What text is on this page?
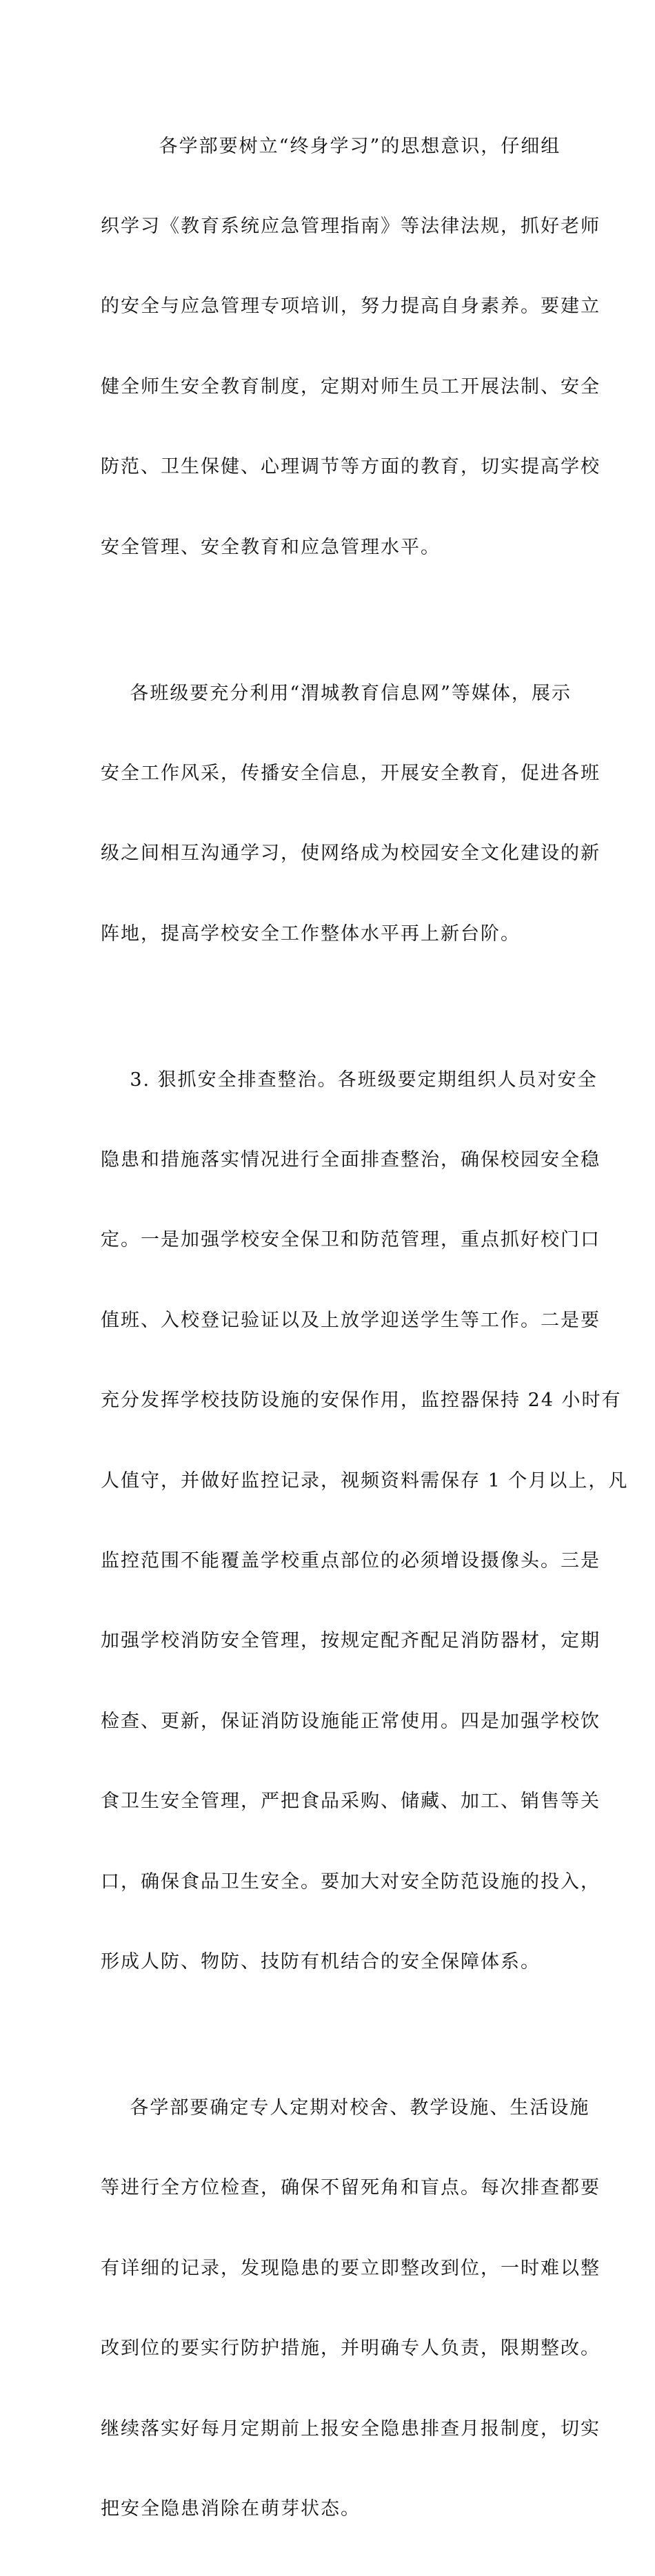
各学部要树立“终身学习”的思想意识，仔细组

织学习《教育系统应急管理指南》等法律法规，抓好老师

的安全与应急管理专项培训，努力提高自身素养。要建立

健全师生安全教育制度，定期对师生员工开展法制、安全

防范、卫生保健、心理调节等方面的教育，切实提高学校

安全管理、安全教育和应急管理水平。

各班级要充分利用“渭城教育信息网”等媒体，展示

安全工作风采，传播安全信息，开展安全教育，促进各班

级之间相互沟通学习，使网络成为校园安全文化建设的新

阵地，提高学校安全工作整体水平再上新台阶。

3. 狠抓安全排查整治。各班级要定期组织人员对安全

隐患和措施落实情况进行全面排查整治，确保校园安全稳

定。一是加强学校安全保卫和防范管理，重点抓好校门口

值班、入校登记验证以及上放学迎送学生等工作。二是要

充分发挥学校技防设施的安保作用，监控器保持 24 小时有

人值守，并做好监控记录，视频资料需保存 1 个月以上，凡

监控范围不能覆盖学校重点部位的必须增设摄像头。三是

加强学校消防安全管理，按规定配齐配足消防器材，定期

检查、更新，保证消防设施能正常使用。四是加强学校饮

食卫生安全管理，严把食品采购、储藏、加工、销售等关

口，确保食品卫生安全。要加大对安全防范设施的投入，

形成人防、物防、技防有机结合的安全保障体系。

各学部要确定专人定期对校舍、教学设施、生活设施

等进行全方位检查，确保不留死角和盲点。每次排查都要

有详细的记录，发现隐患的要立即整改到位，一时难以整

改到位的要实行防护措施，并明确专人负责，限期整改。

继续落实好每月定期前上报安全隐患排查月报制度，切实

把安全隐患消除在萌芽状态。
